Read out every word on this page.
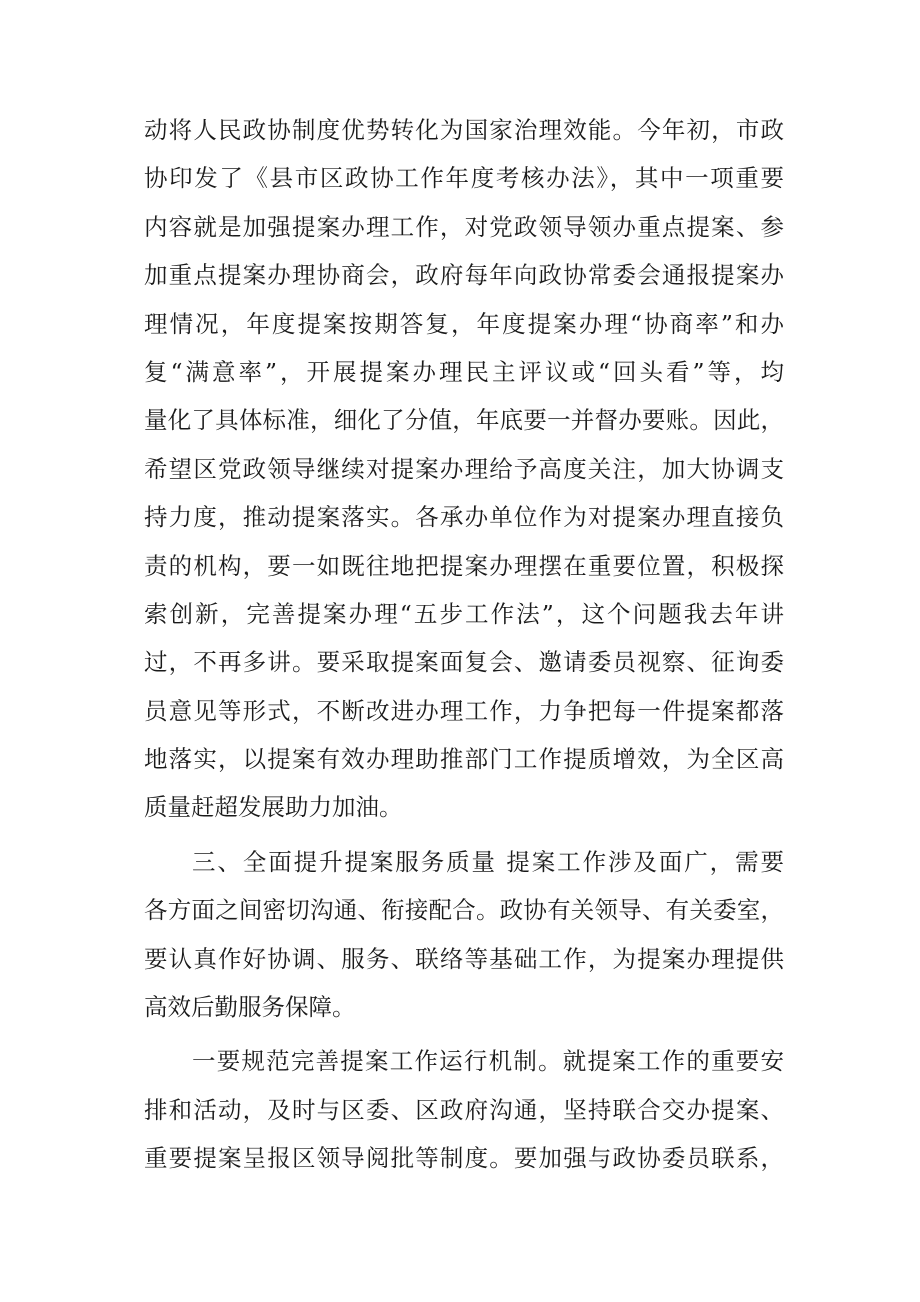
动将人民政协制度优势转化为国家治理效能。今年初，市政
协印发了《县市区政协工作年度考核办法》，其中一项重要
内容就是加强提案办理工作，对党政领导领办重点提案、参
加重点提案办理协商会，政府每年向政协常委会通报提案办
理情况，年度提案按期答复，年度提案办理“协商率”和办
复“满意率”，开展提案办理民主评议或“回头看”等，均
量化了具体标准，细化了分值，年底要一并督办要账。因此，
希望区党政领导继续对提案办理给予高度关注，加大协调支
持力度，推动提案落实。各承办单位作为对提案办理直接负
责的机构，要一如既往地把提案办理摆在重要位置，积极探
索创新，完善提案办理“五步工作法”，这个问题我去年讲
过，不再多讲。要采取提案面复会、邀请委员视察、征询委
员意见等形式，不断改进办理工作，力争把每一件提案都落
地落实，以提案有效办理助推部门工作提质增效，为全区高
质量赶超发展助力加油。
三、全面提升提案服务质量 提案工作涉及面广，需要
各方面之间密切沟通、衔接配合。政协有关领导、有关委室，
要认真作好协调、服务、联络等基础工作，为提案办理提供
高效后勤服务保障。
一要规范完善提案工作运行机制。就提案工作的重要安
排和活动，及时与区委、区政府沟通，坚持联合交办提案、
重要提案呈报区领导阅批等制度。要加强与政协委员联系，
